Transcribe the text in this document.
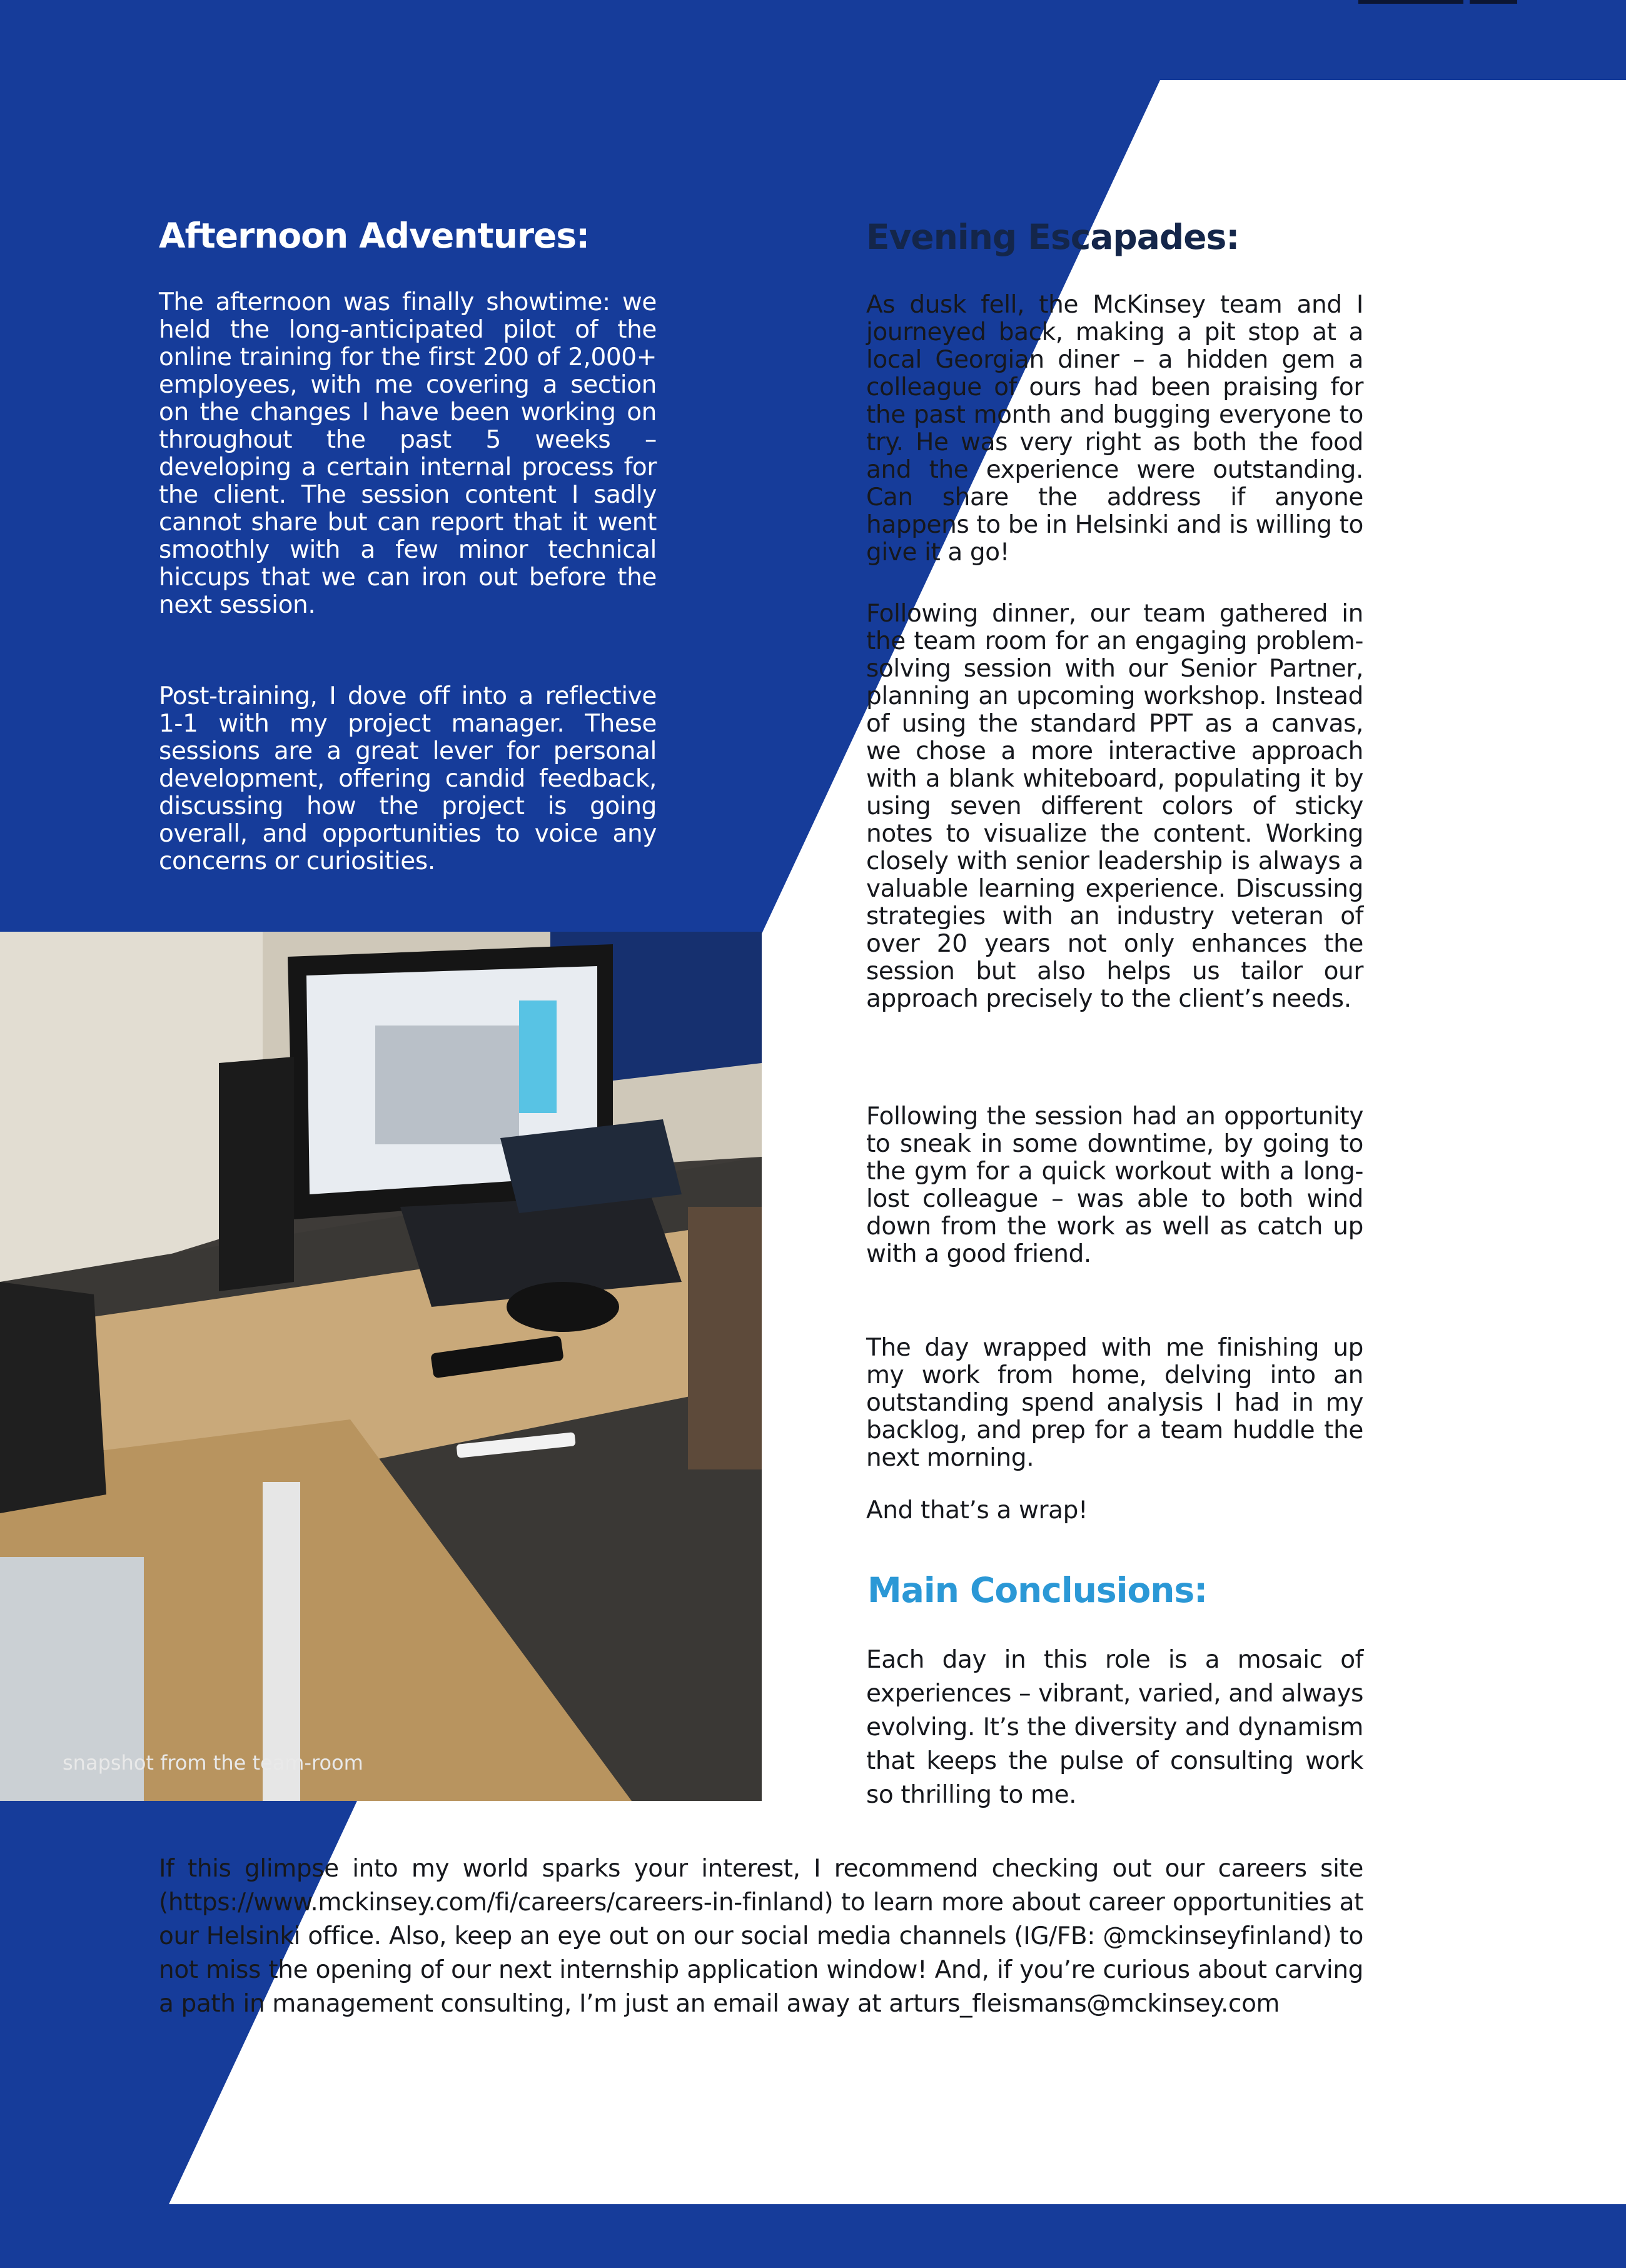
Afternoon Adventures:

The afternoon was finally showtime: we held the long-anticipated pilot of the online training for the first 200 of 2,000+ employees, with me covering a section on the changes I have been working on throughout the past 5 weeks – developing a certain internal process for the client. The session content I sadly cannot share but can report that it went smoothly with a few minor technical hiccups that we can iron out before the next session.

Post-training, I dove off into a reflective 1-1 with my project manager. These sessions are a great lever for personal development, offering candid feedback, discussing how the project is going overall, and opportunities to voice any concerns or curiosities.

snapshot from the team-room
Evening Escapades:

As dusk fell, the McKinsey team and I journeyed back, making a pit stop at a local Georgian diner – a hidden gem a colleague of ours had been praising for the past month and bugging everyone to try. He was very right as both the food and the experience were outstanding. Can share the address if anyone happens to be in Helsinki and is willing to give it a go!

Following dinner, our team gathered in the team room for an engaging problem-solving session with our Senior Partner, planning an upcoming workshop. Instead of using the standard PPT as a canvas, we chose a more interactive approach with a blank whiteboard, populating it by using seven different colors of sticky notes to visualize the content. Working closely with senior leadership is always a valuable learning experience. Discussing strategies with an industry veteran of over 20 years not only enhances the session but also helps us tailor our approach precisely to the client’s needs.

Following the session had an opportunity to sneak in some downtime, by going to the gym for a quick workout with a long-lost colleague – was able to both wind down from the work as well as catch up with a good friend.

The day wrapped with me finishing up my work from home, delving into an outstanding spend analysis I had in my backlog, and prep for a team huddle the next morning.

And that’s a wrap!

Main Conclusions:

Each day in this role is a mosaic of experiences – vibrant, varied, and always evolving. It’s the diversity and dynamism that keeps the pulse of consulting work so thrilling to me.

If this glimpse into my world sparks your interest, I recommend checking out our careers site (https://www.mckinsey.com/fi/careers/careers-in-finland) to learn more about career opportunities at our Helsinki office. Also, keep an eye out on our social media channels (IG/FB: @mckinseyfinland) to not miss the opening of our next internship application window! And, if you’re curious about carving a path in management consulting, I’m just an email away at arturs_fleismans@mckinsey.com
